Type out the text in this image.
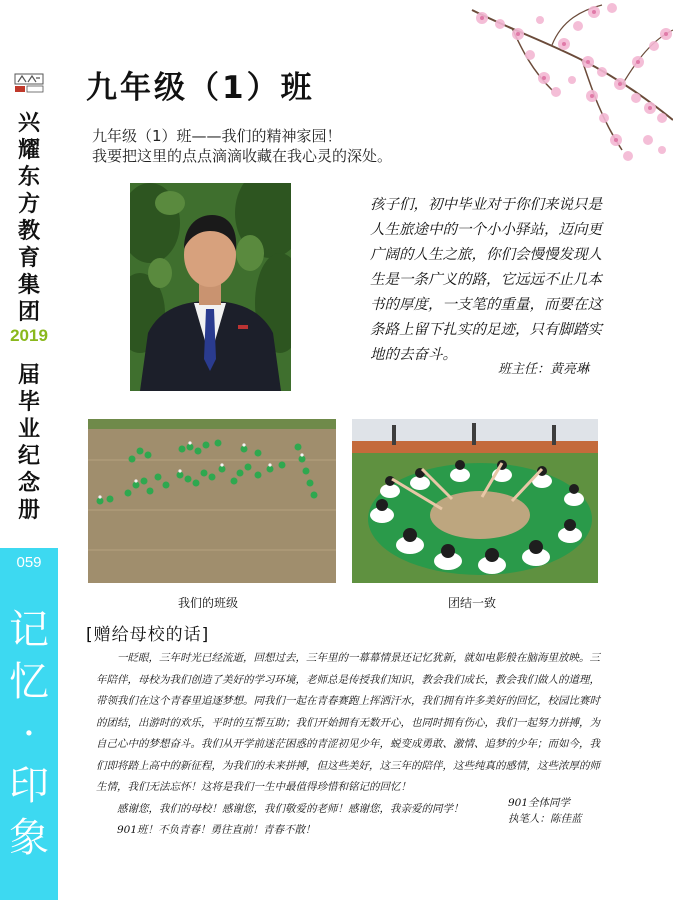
兴
耀
东
方
教
育
集
团
2019
届
毕
业
纪
念
册
059
记
忆
·
印
象
九年级（1）班
九年级（1）班——我们的精神家园！
我要把这里的点点滴滴收藏在我心灵的深处。
孩子们，初中毕业对于你们来说只是人生旅途中的一个小小驿站，迈向更广阔的人生之旅，你们会慢慢发现人生是一条广义的路，它远远不止几本书的厚度，一支笔的重量，而要在这条路上留下扎实的足迹，只有脚踏实地的去奋斗。
班主任：黄亮琳
我们的班级	团结一致
[赠给母校的话]

一眨眼，三年时光已经流逝，回想过去，三年里的一幕幕情景还记忆犹新，就如电影般在脑海里放映。三年陪伴，母校为我们创造了美好的学习环境，老师总是传授我们知识，教会我们成长，教会我们做人的道理，带领我们在这个青春里追逐梦想。同我们一起在青春赛跑上挥洒汗水，我们拥有许多美好的回忆，校园比赛时的团结，出游时的欢乐，平时的互帮互助；我们开始拥有无数开心，也同时拥有伤心，我们一起努力拼搏，为自己心中的梦想奋斗。我们从开学前迷茫困惑的青涩初见少年，蜕变成勇敢、激情、追梦的少年；而如今，我们即将踏上高中的新征程，为我们的未来拼搏，但这些美好，这三年的陪伴，这些纯真的感情，这些浓厚的师生情，我们无法忘怀！这将是我们一生中最值得珍惜和铭记的回忆！

感谢您，我们的母校！感谢您，我们敬爱的老师！感谢您，我亲爱的同学！

901班！不负青春！勇往直前！青春不散！

901全体同学
执笔人：陈佳蓝
